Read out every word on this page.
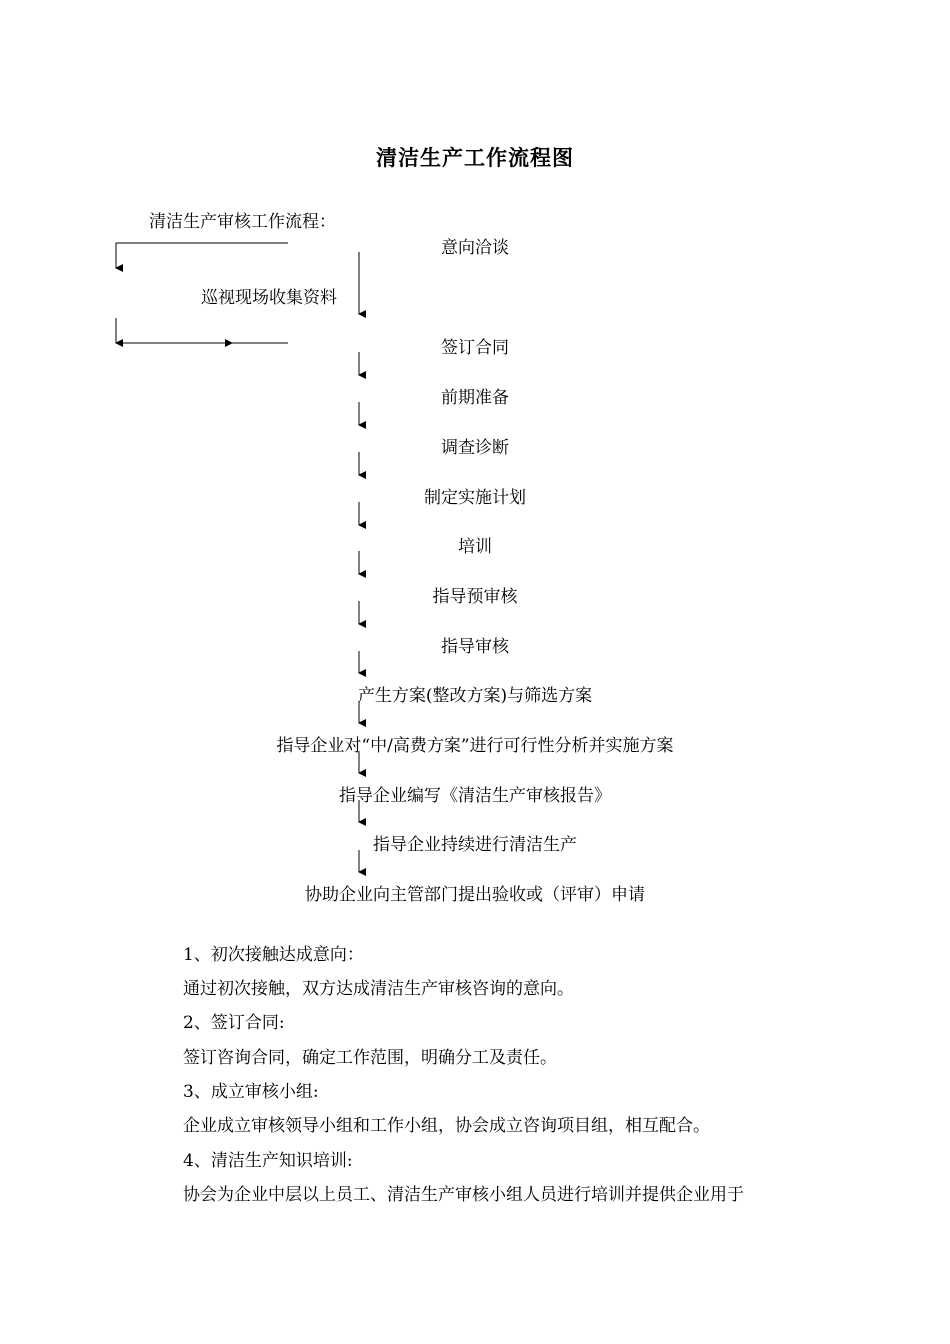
清洁生产工作流程图
清洁生产审核工作流程：
意向洽谈
巡视现场收集资料
签订合同
前期准备
调查诊断
制定实施计划
培训
指导预审核
指导审核
产生方案(整改方案)与筛选方案
指导企业对“中/高费方案”进行可行性分析并实施方案
指导企业编写《清洁生产审核报告》
指导企业持续进行清洁生产
协助企业向主管部门提出验收或（评审）申请
1、初次接触达成意向：
通过初次接触，双方达成清洁生产审核咨询的意向。
2、签订合同:
签订咨询合同，确定工作范围，明确分工及责任。
3、成立审核小组:
企业成立审核领导小组和工作小组，协会成立咨询项目组，相互配合。
4、清洁生产知识培训:
协会为企业中层以上员工、清洁生产审核小组人员进行培训并提供企业用于
